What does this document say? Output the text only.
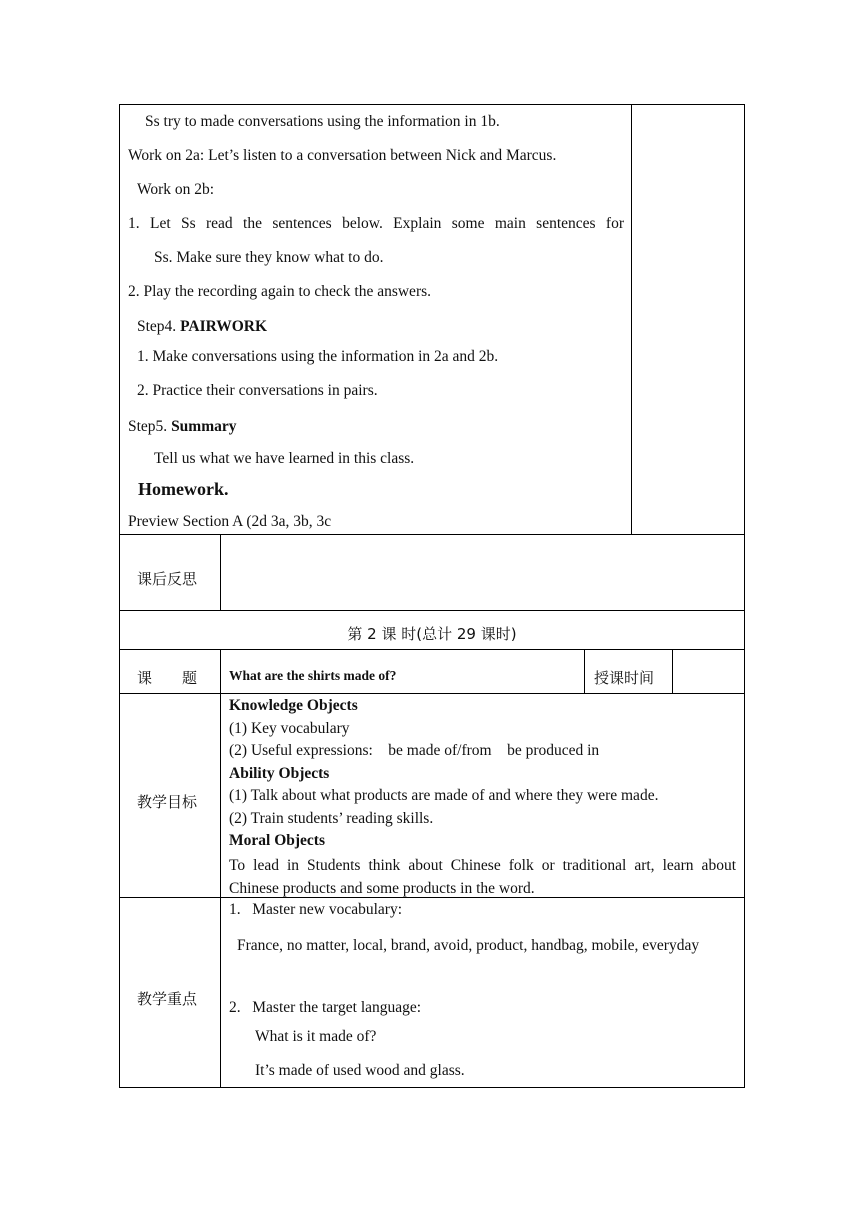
Ss try to made conversations using the information in 1b.
Work on 2a: Let’s listen to a conversation between Nick and Marcus.
Work on 2b:
1. Let Ss read the sentences below. Explain some main sentences for
Ss. Make sure they know what to do.
2. Play the recording again to check the answers.
Step4. PAIRWORK
1. Make conversations using the information in 2a and 2b.
2. Practice their conversations in pairs.
Step5. Summary
Tell us what we have learned in this class.
Homework.
Preview Section A (2d 3a, 3b, 3c
课后反思
第 2 课 时(总计 29 课时)
课　　题 What are the shirts made of?	授课时间
教学目标
Knowledge Objects
(1) Key vocabulary
(2) Useful expressions:    be made of/from    be produced in
Ability Objects
(1) Talk about what products are made of and where they were made.
(2) Train students’ reading skills.
Moral Objects
To lead in Students think about Chinese folk or traditional art, learn about Chinese products and some products in the word.
教学重点
1.   Master new vocabulary:
France, no matter, local, brand, avoid, product, handbag, mobile, everyday
2.   Master the target language:
What is it made of?
It’s made of used wood and glass.
